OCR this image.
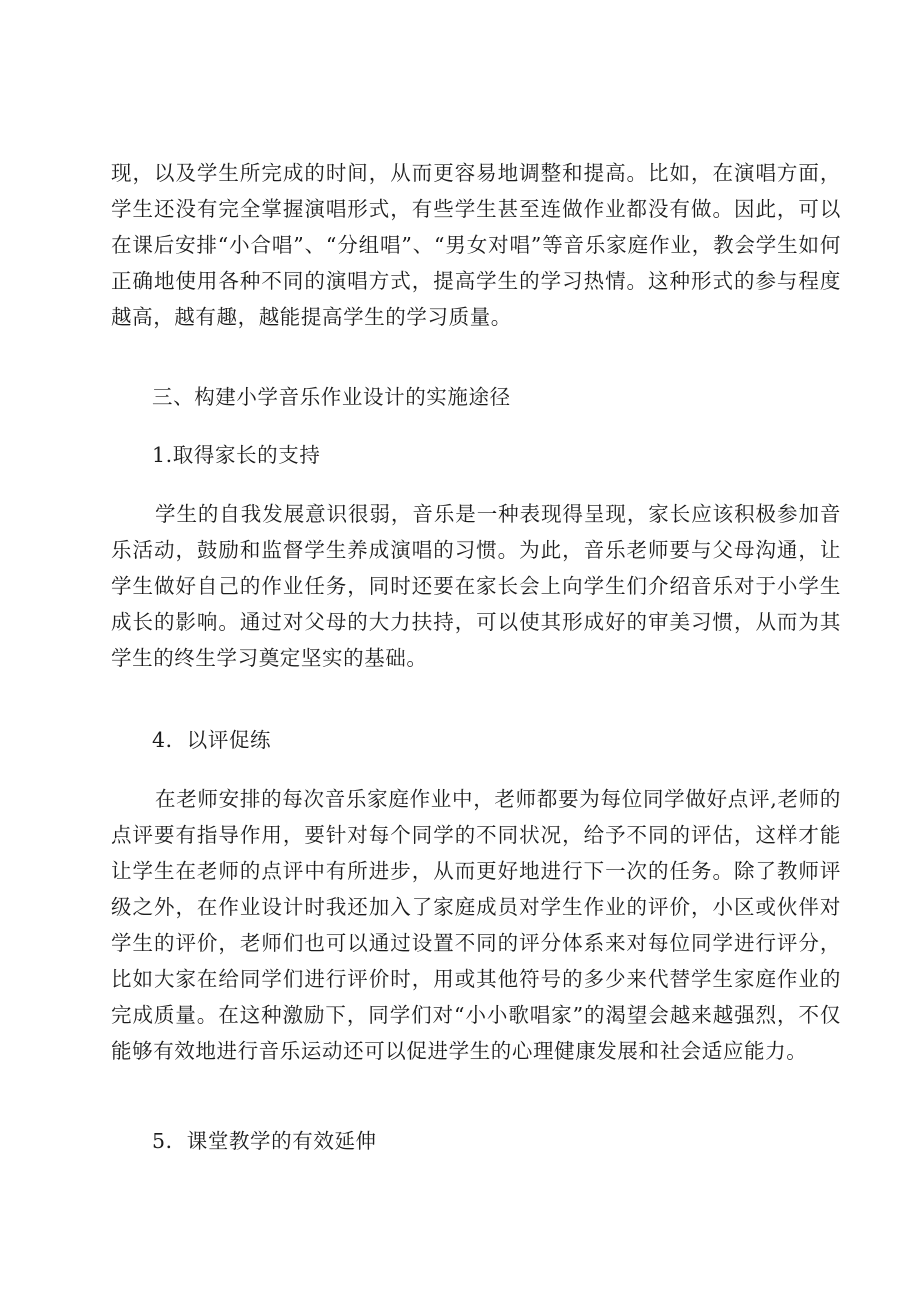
现，以及学生所完成的时间，从而更容易地调整和提高。比如，在演唱方面，学生还没有完全掌握演唱形式，有些学生甚至连做作业都没有做。因此，可以在课后安排“小合唱”、“分组唱”、“男女对唱”等音乐家庭作业，教会学生如何正确地使用各种不同的演唱方式，提高学生的学习热情。这种形式的参与程度越高，越有趣，越能提高学生的学习质量。

三、构建小学音乐作业设计的实施途径

1.取得家长的支持

学生的自我发展意识很弱，音乐是一种表现得呈现，家长应该积极参加音乐活动，鼓励和监督学生养成演唱的习惯。为此，音乐老师要与父母沟通，让学生做好自己的作业任务，同时还要在家长会上向学生们介绍音乐对于小学生成长的影响。通过对父母的大力扶持，可以使其形成好的审美习惯，从而为其学生的终生学习奠定坚实的基础。

4．以评促练

在老师安排的每次音乐家庭作业中，老师都要为每位同学做好点评,老师的点评要有指导作用，要针对每个同学的不同状况，给予不同的评估，这样才能让学生在老师的点评中有所进步，从而更好地进行下一次的任务。除了教师评级之外，在作业设计时我还加入了家庭成员对学生作业的评价，小区或伙伴对学生的评价，老师们也可以通过设置不同的评分体系来对每位同学进行评分，比如大家在给同学们进行评价时，用或其他符号的多少来代替学生家庭作业的完成质量。在这种激励下，同学们对“小小歌唱家”的渴望会越来越强烈，不仅能够有效地进行音乐运动还可以促进学生的心理健康发展和社会适应能力。

5．课堂教学的有效延伸
